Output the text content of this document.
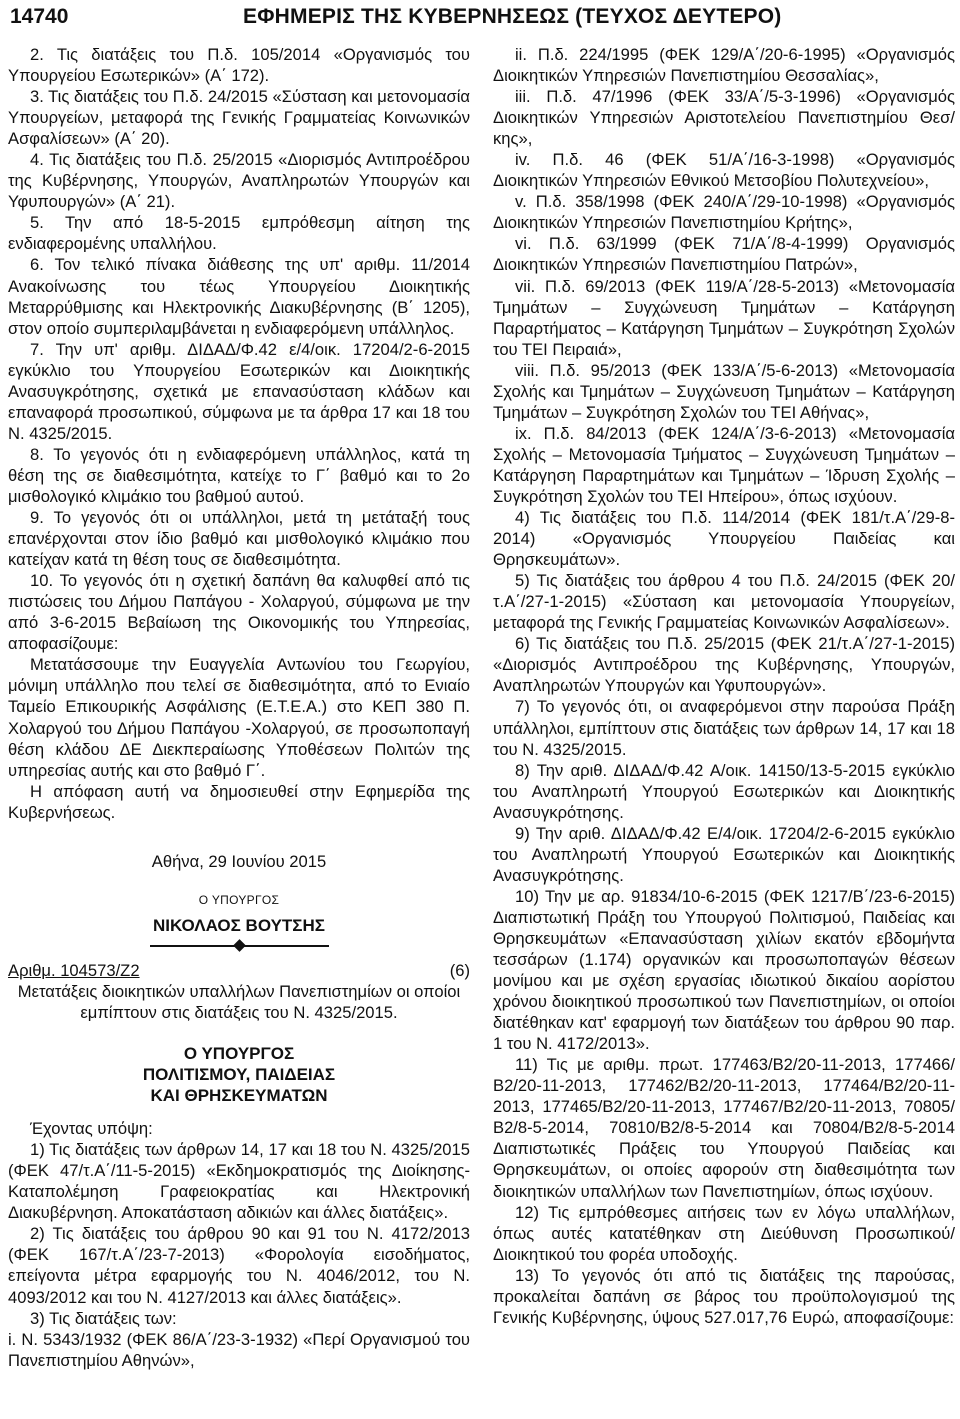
14740	ΕΦΗΜΕΡΙΣ ΤΗΣ ΚΥΒΕΡΝΗΣΕΩΣ (ΤΕΥΧΟΣ ΔΕΥΤΕΡΟ)

2. Τις διατάξεις του Π.δ. 105/2014 «Οργανισμός του Υπουργείου Εσωτερικών» (Α΄ 172).

3. Τις διατάξεις του Π.δ. 24/2015 «Σύσταση και μετονομασία Υπουργείων, μεταφορά της Γενικής Γραμματείας Κοινωνικών Ασφαλίσεων» (Α΄ 20).

4. Τις διατάξεις του Π.δ. 25/2015 «Διορισμός Αντιπροέδρου της Κυβέρνησης, Υπουργών, Αναπληρωτών Υπουργών και Υφυπουργών» (Α΄ 21).

5. Την από 18-5-2015 εμπρόθεσμη αίτηση της ενδιαφερομένης υπαλλήλου.

6. Τον τελικό πίνακα διάθεσης της υπ' αριθμ. 11/2014 Ανακοίνωσης του τέως Υπουργείου Διοικητικής Μεταρρύθμισης και Ηλεκτρονικής Διακυβέρνησης (Β΄ 1205), στον οποίο συμπεριλαμβάνεται η ενδιαφερόμενη υπάλληλος.

7. Την υπ' αριθμ. ΔΙΔΑΔ/Φ.42 ε/4/οικ. 17204/2-6-2015 εγκύκλιο του Υπουργείου Εσωτερικών και Διοικητικής Ανασυγκρότησης, σχετικά με επανασύσταση κλάδων και επαναφορά προσωπικού, σύμφωνα με τα άρθρα 17 και 18 του Ν. 4325/2015.

8. Το γεγονός ότι η ενδιαφερόμενη υπάλληλος, κατά τη θέση της σε διαθεσιμότητα, κατείχε το Γ΄ βαθμό και το 2ο μισθολογικό κλιμάκιο του βαθμού αυτού.

9. Το γεγονός ότι οι υπάλληλοι, μετά τη μετάταξή τους επανέρχονται στον ίδιο βαθμό και μισθολογικό κλιμάκιο που κατείχαν κατά τη θέση τους σε διαθεσιμότητα.

10. Το γεγονός ότι η σχετική δαπάνη θα καλυφθεί από τις πιστώσεις του Δήμου Παπάγου - Χολαργού, σύμφωνα με την από 3-6-2015 Βεβαίωση της Οικονομικής του Υπηρεσίας, αποφασίζουμε:

Μετατάσσουμε την Ευαγγελία Αντωνίου του Γεωργίου, μόνιμη υπάλληλο που τελεί σε διαθεσιμότητα, από το Ενιαίο Ταμείο Επικουρικής Ασφάλισης (Ε.Τ.Ε.Α.) στο ΚΕΠ 380 Π. Χολαργού του Δήμου Παπάγου -Χολαργού, σε προσωποπαγή θέση κλάδου ΔΕ Διεκπεραίωσης Υποθέσεων Πολιτών της υπηρεσίας αυτής και στο βαθμό Γ΄.

Η απόφαση αυτή να δημοσιευθεί στην Εφημερίδα της Κυβερνήσεως.

Αθήνα, 29 Ιουνίου 2015

Ο ΥΠΟΥΡΓΟΣ

ΝΙΚΟΛΑΟΣ ΒΟΥΤΣΗΣ

Αριθμ. 104573/Ζ2	(6)

Μετατάξεις διοικητικών υπαλλήλων Πανεπιστημίων οι οποίοι εμπίπτουν στις διατάξεις του Ν. 4325/2015.

Ο ΥΠΟΥΡΓΟΣ

ΠΟΛΙΤΙΣΜΟΥ, ΠΑΙΔΕΙΑΣ

ΚΑΙ ΘΡΗΣΚΕΥΜΑΤΩΝ

Έχοντας υπόψη:

1) Τις διατάξεις των άρθρων 14, 17 και 18 του Ν. 4325/2015 (ΦΕΚ 47/τ.Α΄/11-5-2015) «Εκδημοκρατισμός της Διοίκησης- Καταπολέμηση Γραφειοκρατίας και Ηλεκτρονική Διακυβέρνηση. Αποκατάσταση αδικιών και άλλες διατάξεις».

2) Τις διατάξεις του άρθρου 90 και 91 του Ν. 4172/2013 (ΦΕΚ 167/τ.Α΄/23-7-2013) «Φορολογία εισοδήματος, επείγοντα μέτρα εφαρμογής του Ν. 4046/2012, του Ν. 4093/2012 και του Ν. 4127/2013 και άλλες διατάξεις».

3) Τις διατάξεις των:

i. Ν. 5343/1932 (ΦΕΚ 86/Α΄/23-3-1932) «Περί Οργανισμού του Πανεπιστημίου Αθηνών»,

ii. Π.δ. 224/1995 (ΦΕΚ 129/Α΄/20-6-1995) «Οργανισμός Διοικητικών Υπηρεσιών Πανεπιστημίου Θεσσαλίας»,

iii. Π.δ. 47/1996 (ΦΕΚ 33/Α΄/5-3-1996) «Οργανισμός Διοικητικών Υπηρεσιών Αριστοτελείου Πανεπιστημίου Θεσ/κης»,

iv. Π.δ. 46 (ΦΕΚ 51/Α΄/16-3-1998) «Οργανισμός Διοικητικών Υπηρεσιών Εθνικού Μετσοβίου Πολυτεχνείου»,

v. Π.δ. 358/1998 (ΦΕΚ 240/Α΄/29-10-1998) «Οργανισμός Διοικητικών Υπηρεσιών Πανεπιστημίου Κρήτης»,

vi. Π.δ. 63/1999 (ΦΕΚ 71/Α΄/8-4-1999) Οργανισμός Διοικητικών Υπηρεσιών Πανεπιστημίου Πατρών»,

vii. Π.δ. 69/2013 (ΦΕΚ 119/Α΄/28-5-2013) «Μετονομασία Τμημάτων – Συγχώνευση Τμημάτων – Κατάργηση Παραρτήματος – Κατάργηση Τμημάτων – Συγκρότηση Σχολών του ΤΕΙ Πειραιά»,

viii. Π.δ. 95/2013 (ΦΕΚ 133/Α΄/5-6-2013) «Μετονομασία Σχολής και Τμημάτων – Συγχώνευση Τμημάτων – Κατάργηση Τμημάτων – Συγκρότηση Σχολών του ΤΕΙ Αθήνας»,

ix. Π.δ. 84/2013 (ΦΕΚ 124/Α΄/3-6-2013) «Μετονομασία Σχολής – Μετονομασία Τμήματος – Συγχώνευση Τμημάτων – Κατάργηση Παραρτημάτων και Τμημάτων – Ίδρυση Σχολής – Συγκρότηση Σχολών του ΤΕΙ Ηπείρου», όπως ισχύουν.

4) Τις διατάξεις του Π.δ. 114/2014 (ΦΕΚ 181/τ.Α΄/29-8-2014) «Οργανισμός Υπουργείου Παιδείας και Θρησκευμάτων».

5) Τις διατάξεις του άρθρου 4 του Π.δ. 24/2015 (ΦΕΚ 20/τ.Α΄/27-1-2015) «Σύσταση και μετονομασία Υπουργείων, μεταφορά της Γενικής Γραμματείας Κοινωνικών Ασφαλίσεων».

6) Τις διατάξεις του Π.δ. 25/2015 (ΦΕΚ 21/τ.Α΄/27-1-2015) «Διορισμός Αντιπροέδρου της Κυβέρνησης, Υπουργών, Αναπληρωτών Υπουργών και Υφυπουργών».

7) Το γεγονός ότι, οι αναφερόμενοι στην παρούσα Πράξη υπάλληλοι, εμπίπτουν στις διατάξεις των άρθρων 14, 17 και 18 του Ν. 4325/2015.

8) Την αριθ. ΔΙΔΑΔ/Φ.42 Α/οικ. 14150/13-5-2015 εγκύκλιο του Αναπληρωτή Υπουργού Εσωτερικών και Διοικητικής Ανασυγκρότησης.

9) Την αριθ. ΔΙΔΑΔ/Φ.42 Ε/4/οικ. 17204/2-6-2015 εγκύκλιο του Αναπληρωτή Υπουργού Εσωτερικών και Διοικητικής Ανασυγκρότησης.

10) Την με αρ. 91834/10-6-2015 (ΦΕΚ 1217/Β΄/23-6-2015) Διαπιστωτική Πράξη του Υπουργού Πολιτισμού, Παιδείας και Θρησκευμάτων «Επανασύσταση χιλίων εκατόν εβδομήντα τεσσάρων (1.174) οργανικών και προσωποπαγών θέσεων μονίμου και με σχέση εργασίας ιδιωτικού δικαίου αορίστου χρόνου διοικητικού προσωπικού των Πανεπιστημίων, οι οποίοι διατέθηκαν κατ' εφαρμογή των διατάξεων του άρθρου 90 παρ. 1 του Ν. 4172/2013».

11) Τις με αριθμ. πρωτ. 177463/Β2/20-11-2013, 177466/Β2/20-11-2013, 177462/Β2/20-11-2013, 177464/Β2/20-11-2013, 177465/Β2/20-11-2013, 177467/Β2/20-11-2013, 70805/Β2/8-5-2014, 70810/Β2/8-5-2014 και 70804/Β2/8-5-2014 Διαπιστωτικές Πράξεις του Υπουργού Παιδείας και Θρησκευμάτων, οι οποίες αφορούν στη διαθεσιμότητα των διοικητικών υπαλλήλων των Πανεπιστημίων, όπως ισχύουν.

12) Τις εμπρόθεσμες αιτήσεις των εν λόγω υπαλλήλων, όπως αυτές κατατέθηκαν στη Διεύθυνση Προσωπικού/Διοικητικού του φορέα υποδοχής.

13) Το γεγονός ότι από τις διατάξεις της παρούσας, προκαλείται δαπάνη σε βάρος του προϋπολογισμού της Γενικής Κυβέρνησης, ύψους 527.017,76 Ευρώ, αποφασίζουμε:
